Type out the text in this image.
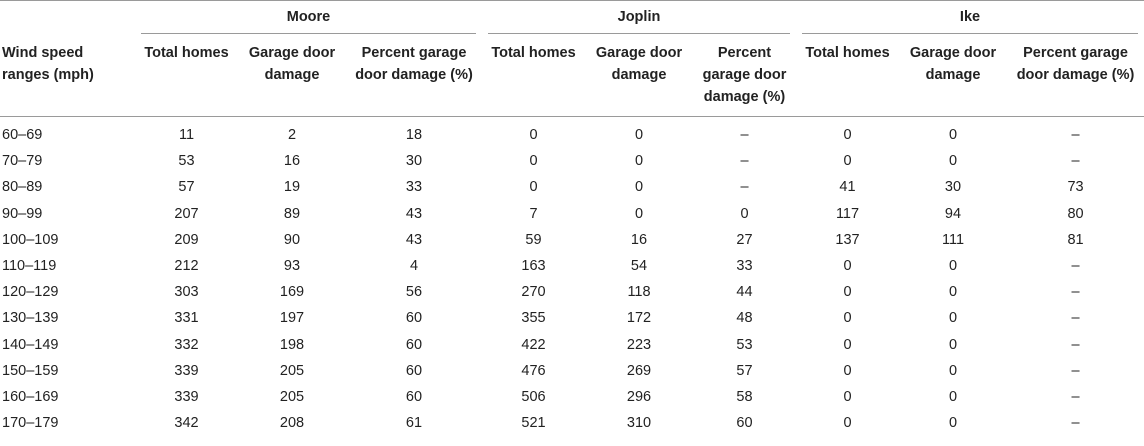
	Moore			Joplin			Ike		

Wind speed ranges (mph)	Total homes	Garage door damage	Percent garage door damage (%)	Total homes	Garage door damage	Percent garage door damage (%)	Total homes	Garage door damage	Percent garage door damage (%)
60–69	11	2	18	0	0	–	0	0	–
70–79	53	16	30	0	0	–	0	0	–
80–89	57	19	33	0	0	–	41	30	73
90–99	207	89	43	7	0	0	117	94	80
100–109	209	90	43	59	16	27	137	111	81
110–119	212	93	4	163	54	33	0	0	–
120–129	303	169	56	270	118	44	0	0	–
130–139	331	197	60	355	172	48	0	0	–
140–149	332	198	60	422	223	53	0	0	–
150–159	339	205	60	476	269	57	0	0	–
160–169	339	205	60	506	296	58	0	0	–
170–179	342	208	61	521	310	60	0	0	–
